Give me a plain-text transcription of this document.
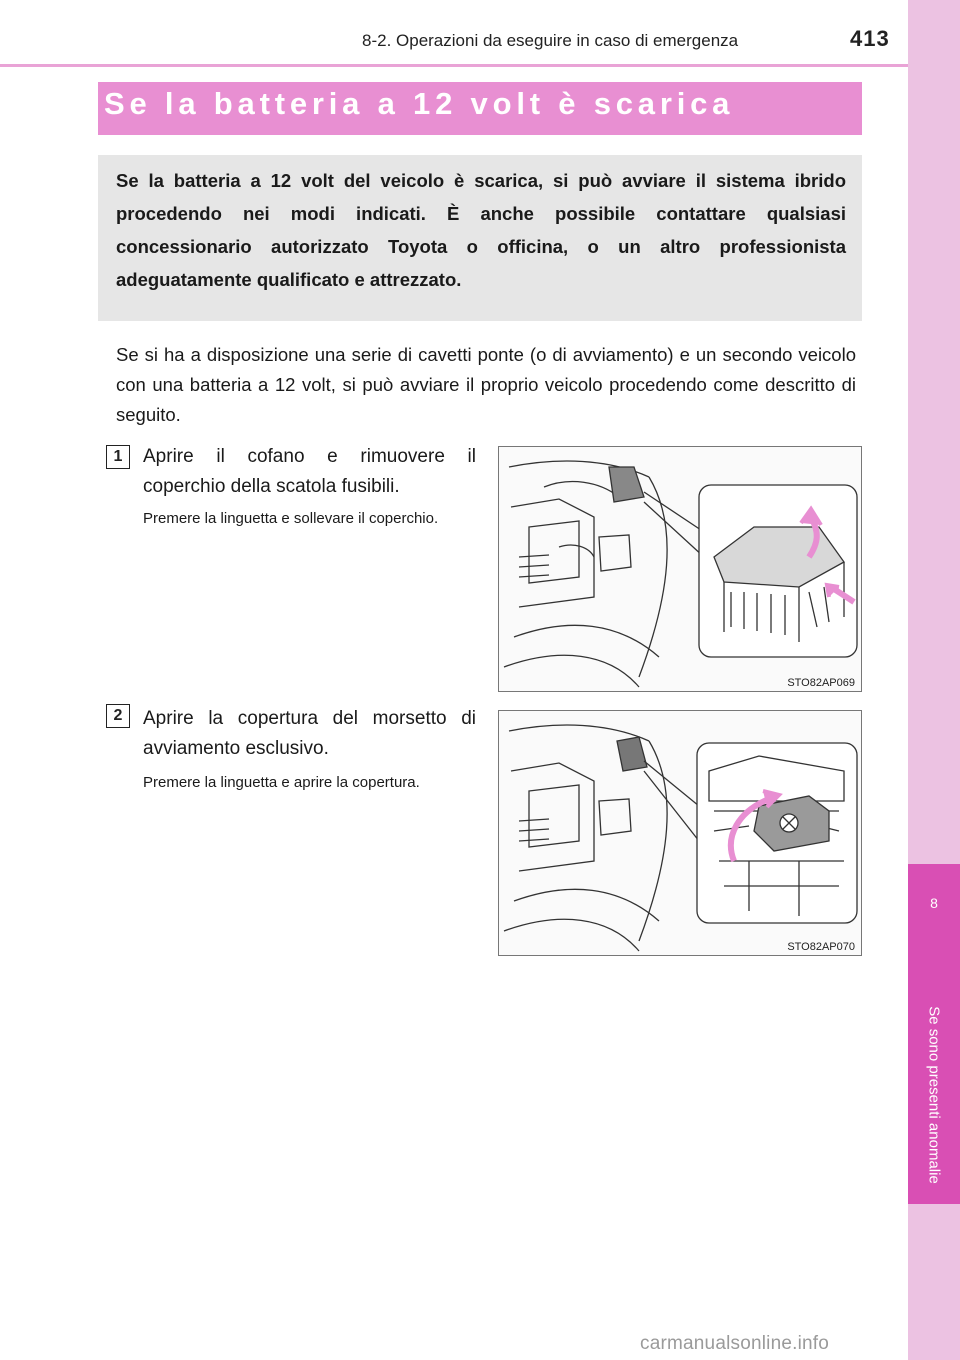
8-2. Operazioni da eseguire in caso di emergenza	413
8
Se sono presenti anomalie
Se la batteria a 12 volt è scarica
Se la batteria a 12 volt del veicolo è scarica, si può avviare il sistema ibrido procedendo nei modi indicati. È anche possibile contattare qualsiasi concessionario autorizzato Toyota o officina, o un altro professionista adeguatamente qualificato e attrezzato.
Se si ha a disposizione una serie di cavetti ponte (o di avviamento) e un secondo veicolo con una batteria a 12 volt, si può avviare il proprio veicolo procedendo come descritto di seguito.
1	Aprire il cofano e rimuovere il coperchio della scatola fusibili.
Premere la linguetta e sollevare il coperchio.
STO82AP069
2	Aprire la copertura del morsetto di avviamento esclusivo.
Premere la linguetta e aprire la copertura.
STO82AP070
carmanualsonline.info
